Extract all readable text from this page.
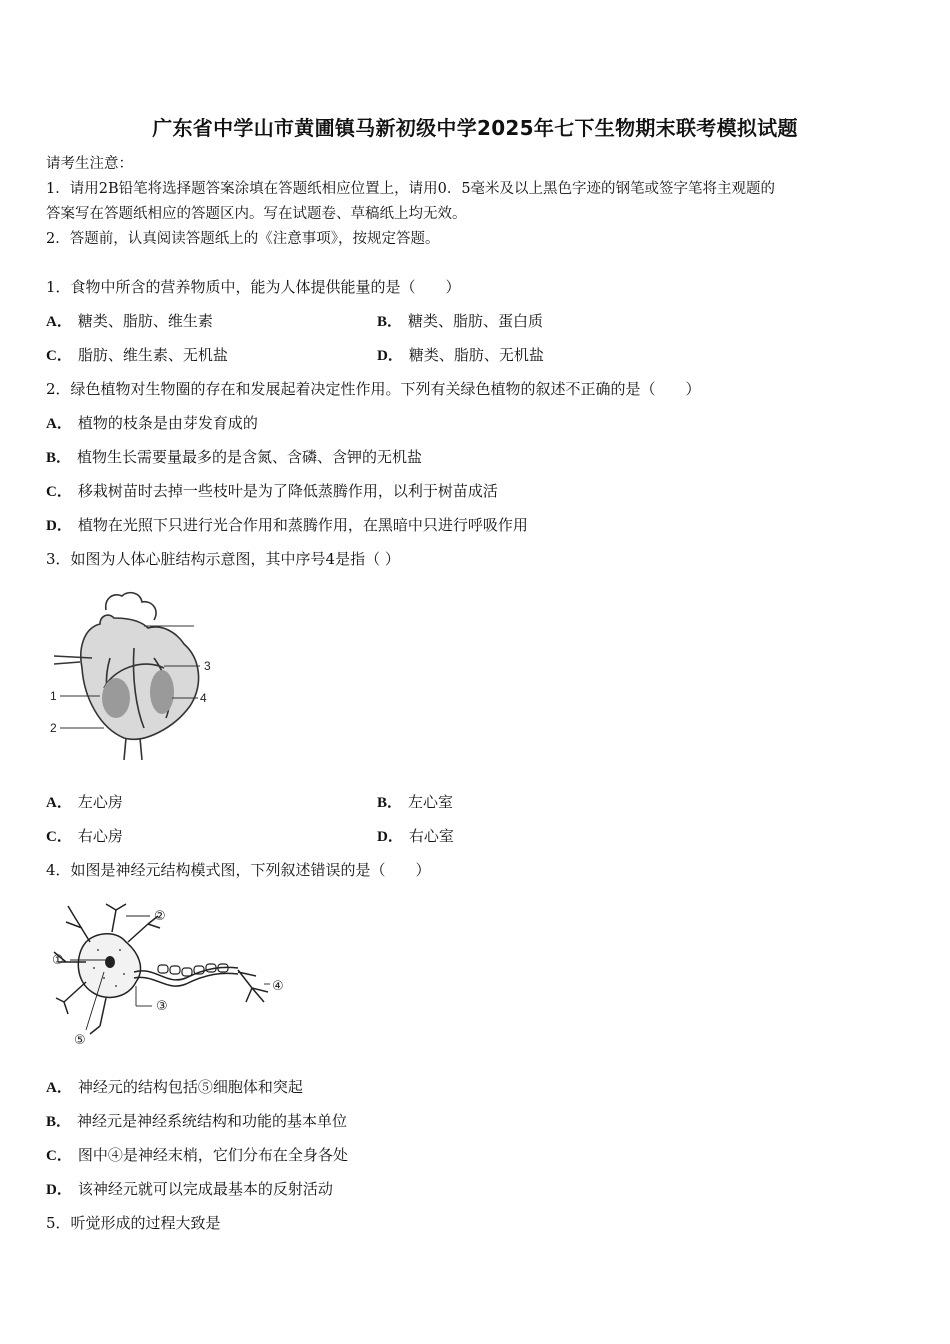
广东省中学山市黄圃镇马新初级中学2025年七下生物期末联考模拟试题
请考生注意：
1．请用2B铅笔将选择题答案涂填在答题纸相应位置上，请用0．5毫米及以上黑色字迹的钢笔或签字笔将主观题的
答案写在答题纸相应的答题区内。写在试题卷、草稿纸上均无效。
2．答题前，认真阅读答题纸上的《注意事项》，按规定答题。
1．食物中所含的营养物质中，能为人体提供能量的是（　　）
A． 糖类、脂肪、维生素	B． 糖类、脂肪、蛋白质
C． 脂肪、维生素、无机盐	D． 糖类、脂肪、无机盐
2．绿色植物对生物圈的存在和发展起着决定性作用。下列有关绿色植物的叙述不正确的是（　　）
A． 植物的枝条是由芽发育成的
B． 植物生长需要量最多的是含氮、含磷、含钾的无机盐
C． 移栽树苗时去掉一些枝叶是为了降低蒸腾作用，以利于树苗成活
D． 植物在光照下只进行光合作用和蒸腾作用，在黑暗中只进行呼吸作用
3．如图为人体心脏结构示意图，其中序号4是指（ ）
3
4
1
2
A． 左心房	B． 左心室
C． 右心房	D． 右心室
4．如图是神经元结构模式图，下列叙述错误的是（　　）
②
③
①
④
⑤
A． 神经元的结构包括⑤细胞体和突起
B． 神经元是神经系统结构和功能的基本单位
C． 图中④是神经末梢，它们分布在全身各处
D． 该神经元就可以完成最基本的反射活动
5．听觉形成的过程大致是
